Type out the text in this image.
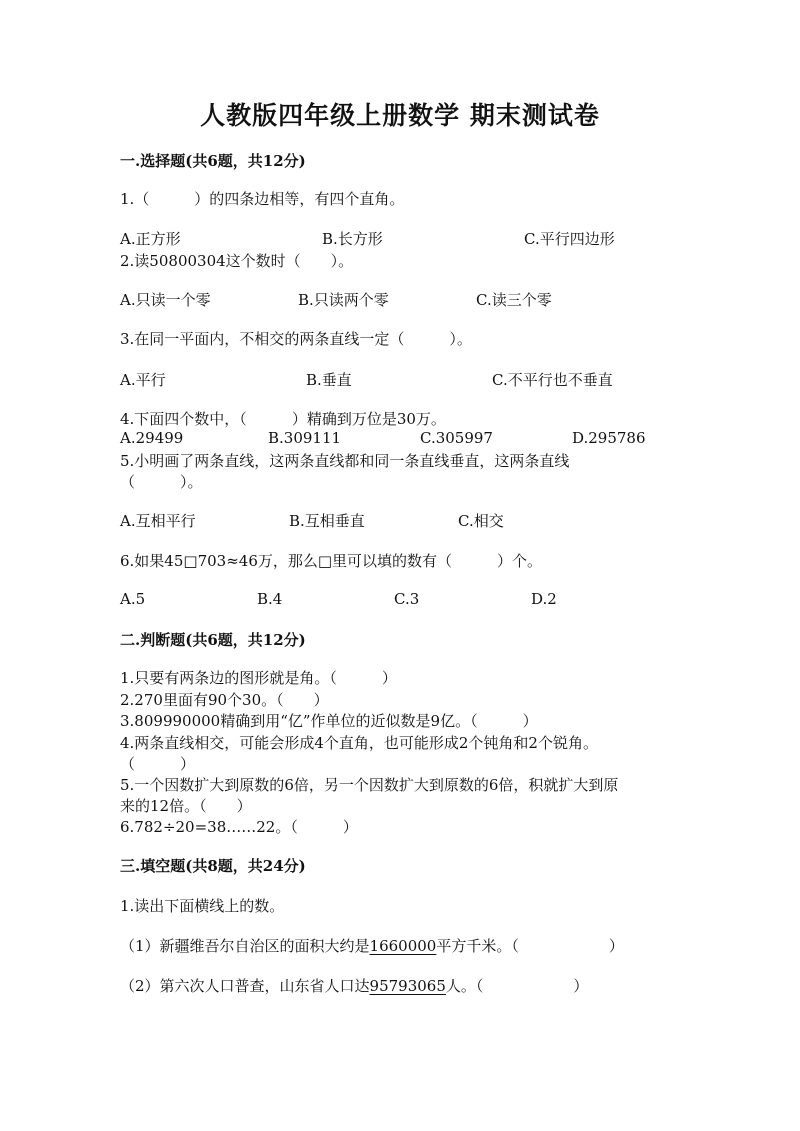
人教版四年级上册数学 期末测试卷
一.选择题(共6题，共12分)
1.（　　　）的四条边相等，有四个直角。
A.正方形	B.长方形	C.平行四边形
2.读50800304这个数时（　　）。
A.只读一个零	B.只读两个零	C.读三个零
3.在同一平面内，不相交的两条直线一定（　　　）。
A.平行	B.垂直	C.不平行也不垂直
4.下面四个数中，（　　　）精确到万位是30万。
A.29499	B.309111	C.305997	D.295786
5.小明画了两条直线，这两条直线都和同一条直线垂直，这两条直线
（　　　）。
A.互相平行	B.互相垂直	C.相交
6.如果45□703≈46万，那么□里可以填的数有（　　　）个。
A.5	B.4	C.3	D.2
二.判断题(共6题，共12分)
1.只要有两条边的图形就是角。（　　　）
2.270里面有90个30。（　　）
3.809990000精确到用“亿”作单位的近似数是9亿。（　　　）
4.两条直线相交，可能会形成4个直角，也可能形成2个钝角和2个锐角。
（　　　）
5.一个因数扩大到原数的6倍，另一个因数扩大到原数的6倍，积就扩大到原
来的12倍。（　　）
6.782÷20=38……22。（　　　）
三.填空题(共8题，共24分)
1.读出下面横线上的数。
（1）新疆维吾尔自治区的面积大约是1660000平方千米。（　　　　　　）
（2）第六次人口普查，山东省人口达95793065人。（　　　　　　）
